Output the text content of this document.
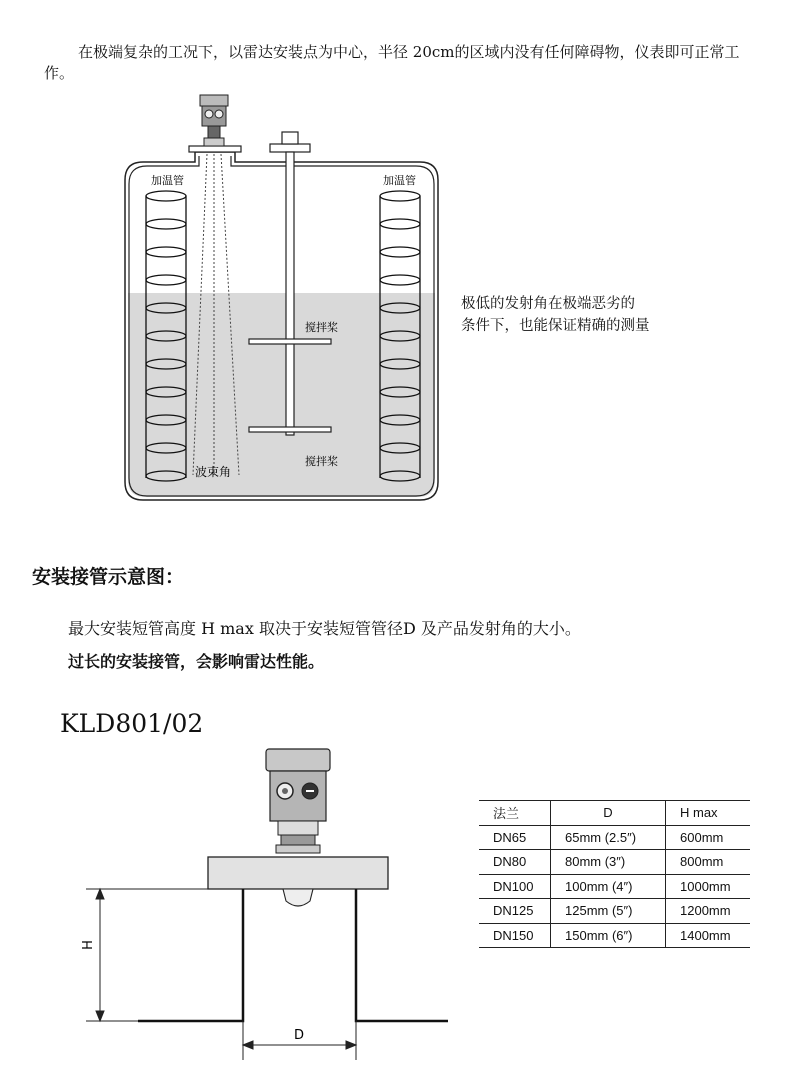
在极端复杂的工况下，以雷达安装点为中心，半径 20cm的区域内没有任何障碍物，仪表即可正常工作。
加温管	加温管
搅拌桨
搅拌桨
波束角
极低的发射角在极端恶劣的
条件下，也能保证精确的测量
安装接管示意图：
最大安装短管高度 H max 取决于安装短管管径D 及产品发射角的大小。
过长的安装接管，会影响雷达性能。
KLD801/02
H
D
法兰	D	H max
DN65	65mm (2.5″)	600mm
DN80	80mm (3″)	800mm
DN100	100mm (4″)	1000mm
DN125	125mm (5″)	1200mm
DN150	150mm (6″)	1400mm
